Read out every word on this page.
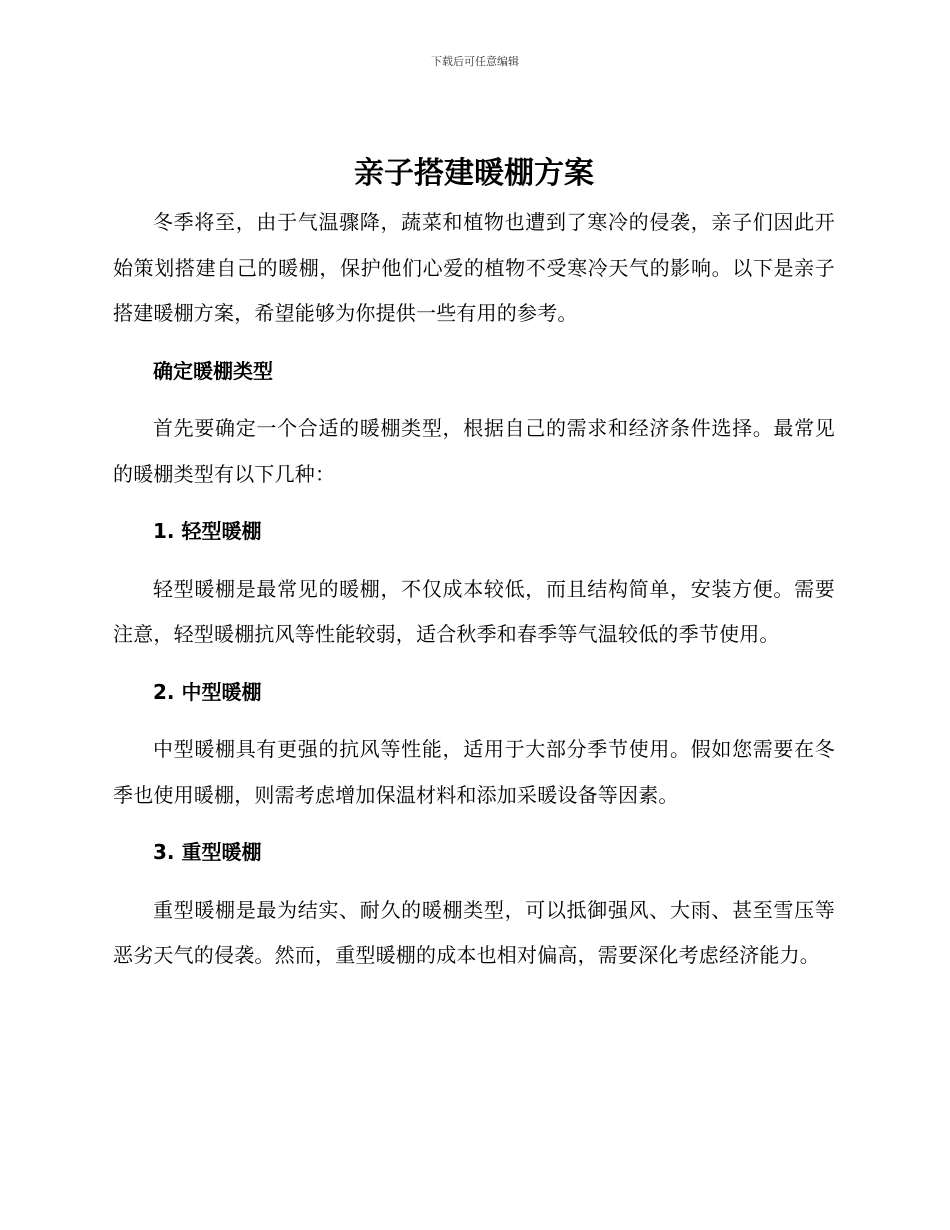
下载后可任意编辑
亲子搭建暖棚方案

冬季将至，由于气温骤降，蔬菜和植物也遭到了寒冷的侵袭，亲子们因此开始策划搭建自己的暖棚，保护他们心爱的植物不受寒冷天气的影响。以下是亲子搭建暖棚方案，希望能够为你提供一些有用的参考。

确定暖棚类型

首先要确定一个合适的暖棚类型，根据自己的需求和经济条件选择。最常见的暖棚类型有以下几种：

1. 轻型暖棚

轻型暖棚是最常见的暖棚，不仅成本较低，而且结构简单，安装方便。需要注意，轻型暖棚抗风等性能较弱，适合秋季和春季等气温较低的季节使用。

2. 中型暖棚

中型暖棚具有更强的抗风等性能，适用于大部分季节使用。假如您需要在冬季也使用暖棚，则需考虑增加保温材料和添加采暖设备等因素。

3. 重型暖棚

重型暖棚是最为结实、耐久的暖棚类型，可以抵御强风、大雨、甚至雪压等恶劣天气的侵袭。然而，重型暖棚的成本也相对偏高，需要深化考虑经济能力。
